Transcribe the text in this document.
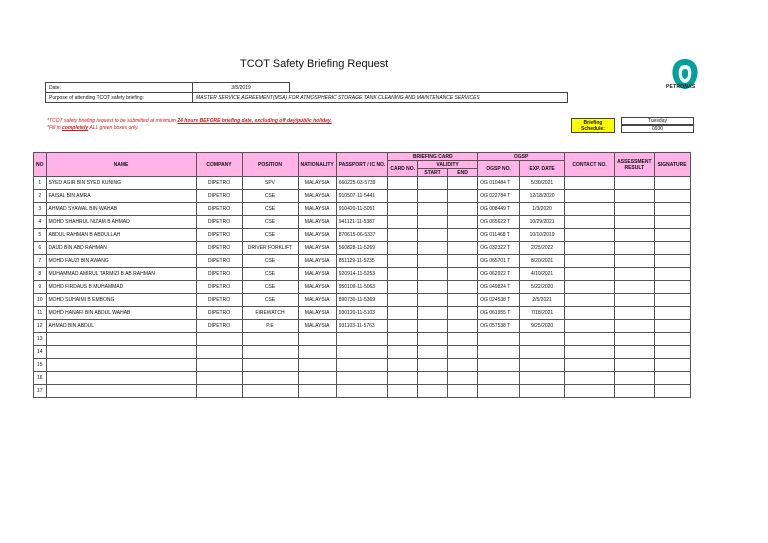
TCOT Safety Briefing Request
PETRONAS
Date:	3/5/2019	
Purpose of attending TCOT safety briefing:	MASTER SERVICE AGREEMENT(MSA) FOR ATMOSPHERIC STORAGE TANK CLEANING AND MAINTENANCE SERVICES	
*TCOT safety briefing request to be submitted at minimum 24 hours BEFORE briefing date, excluding off day/public holiday.
*Fill in completely ALL green boxes only.
Briefing Schedule:
Tuesday
0930
NO	NAME	COMPANY	POSITION	NATIONALITY	PASSPORT / IC NO.	BRIEFING CARD			OGSP		CONTACT NO.	ASSESSMENT RESULT	SIGNATURE
						CARD NO.	VALIDITY		OGSP NO.	EXP. DATE			
							START	END					
1	SYED AGIR BIN SYED KUNING	DIPETRO	SPV	MALAYSIA	660225-03-5739				OG 010484 T	5/30/2021			
2	FAISAL BIN AMRA	DIPETRO	CSE	MALAYSIA	910507-11-5441				OG 022784 T	12/18/2020			
3	AHMAD SYAWAL BIN WAHAB	DIPETRO	CSE	MALAYSIA	910420-11-5051				OG 008449 T	1/3/2020			
4	MOHD SHAHRUL NIZAM B AHMAD	DIPETRO	CSE	MALAYSIA	941121-11-5387				OG 065622 T	10/29/2021			
5	ABDUL RAHMAN B ABDULLAH	DIPETRO	CSE	MALAYSIA	870615-06-5337				OG 011468 T	10/10/2019			
6	DAUD BIN ABD RAHMAN	DIPETRO	DRIVER FORKLIFT	MALAYSIA	560828-11-5269				OG 032322 T	2/25/2022			
7	MOHD FAUZI BIN AWANG	DIPETRO	CSE	MALAYSIA	851129-11-5235				OG 065701 T	8/20/2021			
8	MUHAMMAD AMIRUL TARMIZI B AB RAHMAN	DIPETRO	CSE	MALAYSIA	920914-11-5253				OG 062922 T	4/10/2021			
9	MOHD FIRDAUS B MUHAMMAD	DIPETRO	CSE	MALAYSIA	950109-11-5063				OG 049824 T	5/22/2020			
10	MOHD SUHAIMI B EMBONG	DIPETRO	CSE	MALAYSIA	890730-11-5369				OG 024538 T	2/5/2021			
11	MOHD HANAFI BIN ABDUL WAHAB	DIPETRO	FIREWATCH	MALAYSIA	930120-11-5103				OG 061955 T	7/18/2021			
12	AHMAD BIN ABDUL	DIPETRO	P.E	MALAYSIA	931103-11-5763				OG 057538 T	9/25/2020			
13													
14													
15													
16													
17													
